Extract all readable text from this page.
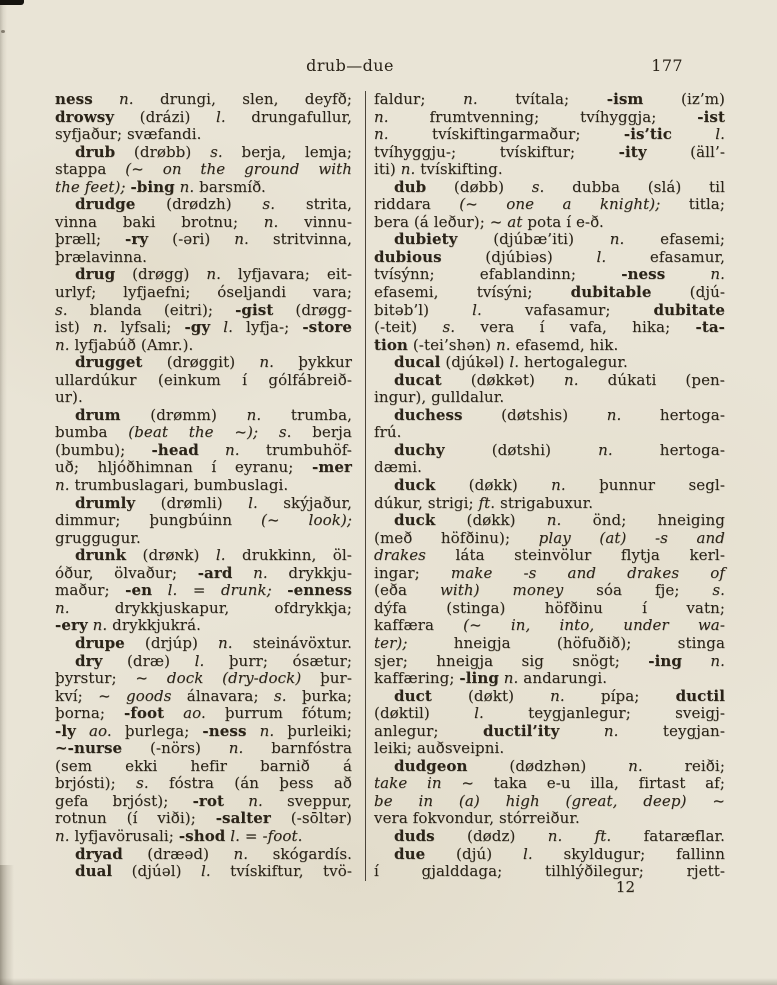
drub—due	177
ness n. drungi, slen, deyfð;
drowsy (drázi) l. drungafullur,
syfjaður; svæfandi.
drub (drøbb) s. berja, lemja;
stappa (~ on the ground with
the feet); -bing n. barsmíð.
drudge (drødzh) s. strita,
vinna baki brotnu; n. vinnu-
þræll; -ry (-əri) n. stritvinna,
þrælavinna.
drug (drøgg) n. lyfjavara; eit-
urlyf; lyfjaefni; óseljandi vara;
s. blanda (eitri); -gist (drøgg-
ist) n. lyfsali; -gy l. lyfja-; -store
n. lyfjabúð (Amr.).
drugget (drøggit) n. þykkur
ullardúkur (einkum í gólfábreið-
ur).
drum (drømm) n. trumba,
bumba (beat the ~); s. berja
(bumbu); -head n. trumbuhöf-
uð; hljóðhimnan í eyranu; -mer
n. trumbuslagari, bumbuslagi.
drumly (drømli) l. skýjaður,
dimmur; þungbúinn (~ look);
gruggugur.
drunk (drøɴk) l. drukkinn, öl-
óður, ölvaður; -ard n. drykkju-
maður; -en l. = drunk; -enness
n. drykkjuskapur, ofdrykkja;
-ery n. drykkjukrá.
drupe (drjúp) n. steinávöxtur.
dry (dræ) l. þurr; ósætur;
þyrstur; ~ dock (dry-dock) þur-
kví; ~ goods álnavara; s. þurka;
þorna; -foot ao. þurrum fótum;
-ly ao. þurlega; -ness n. þurleiki;
~-nurse (-nörs) n. barnfóstra
(sem ekki hefir barnið á
brjósti); s. fóstra (án þess að
gefa brjóst); -rot n. sveppur,
rotnun (í viði); -salter (-sōltər)
n. lyfjavörusali; -shod l. = -foot.
dryad (dræəd) n. skógardís.
dual (djúəl) l. tvískiftur, tvö-
faldur; n. tvítala; -ism (iz’m)
n. frumtvenning; tvíhyggja; -ist
n. tvískiftingarmaður; -is’tic	l.
tvíhyggju-; tvískiftur; -ity (äll’-
iti) n. tvískifting.
dub (døbb) s. dubba (slá) til
riddara (~ one a knight); titla;
bera (á leður); ~ at pota í e-ð.
dubiety (djúbæ’iti) n. efasemi;
dubious (djúbiəs) l. efasamur,
tvísýnn; efablandinn; -ness	n.
efasemi, tvísýni; dubitable (djú-
bitəb’l) l. vafasamur; dubitate
(-teit) s. vera í vafa, hika; -ta-
tion (-tei’shən) n. efasemd, hik.
ducal (djúkəl) l. hertogalegur.
ducat (døkkət) n. dúkati (pen-
ingur), gulldalur.
duchess (døtshis) n. hertoga-
frú.
duchy (døtshi) n. hertoga-
dæmi.
duck (døkk) n. þunnur segl-
dúkur, strigi; ft. strigabuxur.
duck (døkk) n. önd; hneiging
(með höfðinu); play (at) -s and
drakes láta steinvölur flytja kerl-
ingar; make -s and drakes of
(eða with) money sóa fje; s.
dýfa (stinga) höfðinu í vatn;
kaffæra (~ in, into, under wa-
ter); hneigja (höfuðið); stinga
sjer; hneigja sig snögt; -ing n.
kaffæring; -ling n. andarungi.
duct (døkt) n. pípa; ductil
(døktil) l. teygjanlegur; sveigj-
anlegur; ductil’ity	n. teygjan-
leiki; auðsveipni.
dudgeon (dødzhən) n. reiði;
take in ~ taka e-u illa, firtast af;
be in (a) high (great, deep) ~
vera fokvondur, stórreiður.
duds (dødz) n. ft. fataræflar.
due (djú) l. skyldugur; fallinn
í gjalddaga; tilhlýðilegur; rjett-
12
